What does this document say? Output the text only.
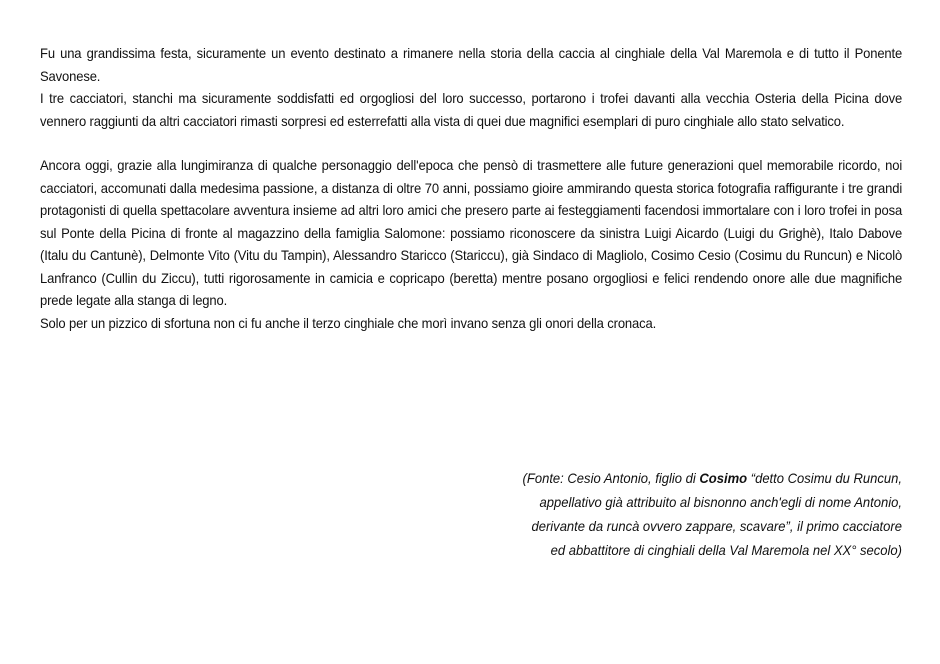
Fu una grandissima festa, sicuramente un evento destinato a rimanere nella storia della caccia al cinghiale della Val Maremola e di tutto il Ponente Savonese.

I tre cacciatori, stanchi ma sicuramente soddisfatti ed orgogliosi del loro successo, portarono i trofei davanti alla vecchia Osteria della Picina dove vennero raggiunti da altri cacciatori rimasti sorpresi ed esterrefatti alla vista di quei due magnifici esemplari di puro cinghiale allo stato selvatico.

Ancora oggi, grazie alla lungimiranza di qualche personaggio dell'epoca che pensò di trasmettere alle future generazioni quel memorabile ricordo, noi cacciatori, accomunati dalla medesima passione, a distanza di oltre 70 anni, possiamo gioire ammirando questa storica fotografia raffigurante i tre grandi protagonisti di quella spettacolare avventura insieme ad altri loro amici che presero parte ai festeggiamenti facendosi immortalare con i loro trofei in posa sul Ponte della Picina di fronte al magazzino della famiglia Salomone: possiamo riconoscere da sinistra Luigi Aicardo (Luigi du Grighè), Italo Dabove (Italu du Cantunè), Delmonte Vito (Vitu du Tampin), Alessandro Staricco (Stariccu), già Sindaco di Magliolo, Cosimo Cesio (Cosimu du Runcun) e Nicolò Lanfranco (Cullin du Ziccu), tutti rigorosamente in camicia e copricapo (beretta) mentre posano orgogliosi e felici rendendo onore alle due magnifiche prede legate alla stanga di legno.

Solo per un pizzico di sfortuna non ci fu anche il terzo cinghiale che morì invano senza gli onori della cronaca.

(Fonte: Cesio Antonio, figlio di Cosimo “detto Cosimu du Runcun,
appellativo già attribuito al bisnonno anch'egli di nome Antonio,
derivante da runcà ovvero zappare, scavare”, il primo cacciatore
ed abbattitore di cinghiali della Val Maremola nel XX° secolo)
